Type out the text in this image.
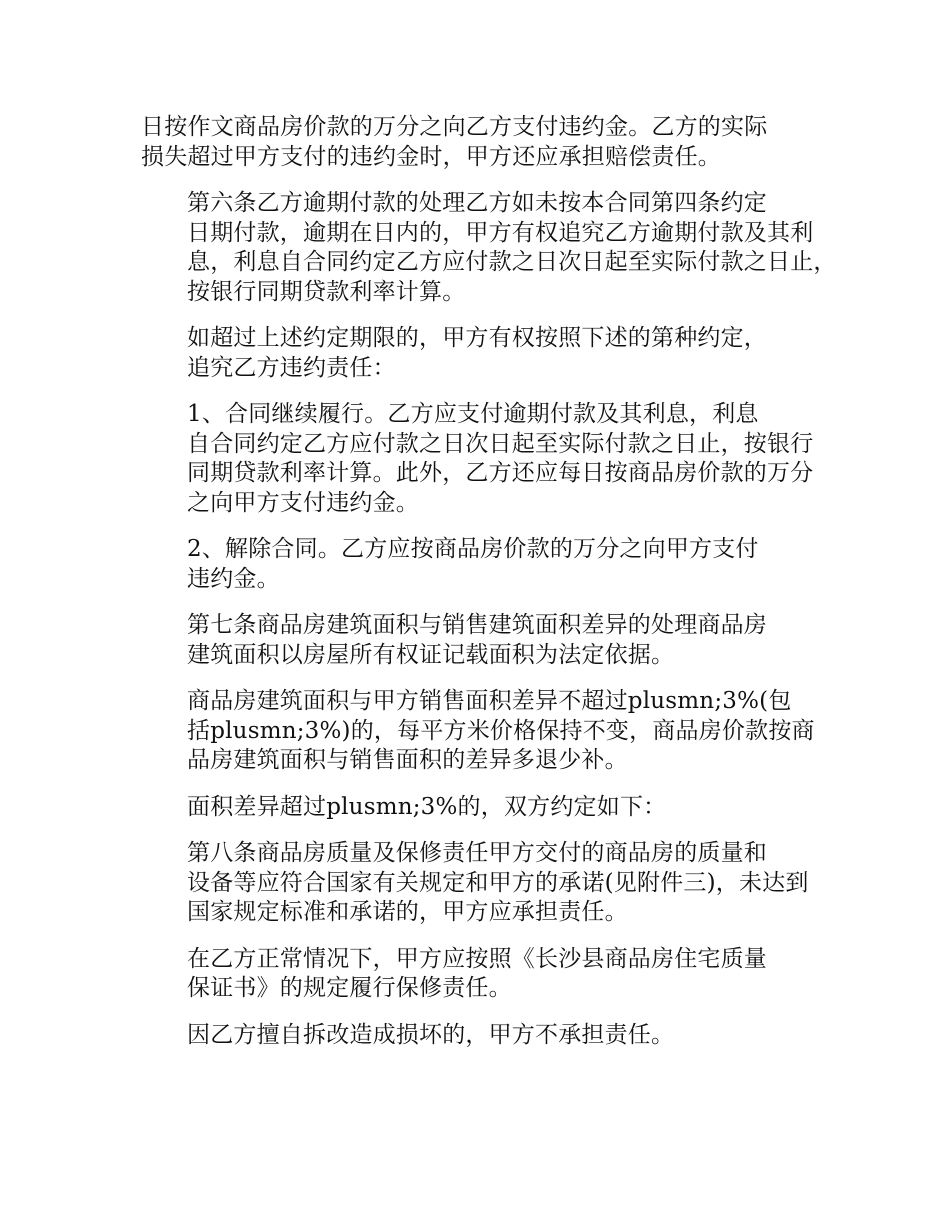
日按作文商品房价款的万分之向乙方支付违约金。乙方的实际
损失超过甲方支付的违约金时，甲方还应承担赔偿责任。

第六条乙方逾期付款的处理乙方如未按本合同第四条约定
日期付款，逾期在日内的，甲方有权追究乙方逾期付款及其利
息，利息自合同约定乙方应付款之日次日起至实际付款之日止，
按银行同期贷款利率计算。

如超过上述约定期限的，甲方有权按照下述的第种约定，
追究乙方违约责任：

1、合同继续履行。乙方应支付逾期付款及其利息，利息
自合同约定乙方应付款之日次日起至实际付款之日止，按银行
同期贷款利率计算。此外，乙方还应每日按商品房价款的万分
之向甲方支付违约金。

2、解除合同。乙方应按商品房价款的万分之向甲方支付
违约金。

第七条商品房建筑面积与销售建筑面积差异的处理商品房
建筑面积以房屋所有权证记载面积为法定依据。

商品房建筑面积与甲方销售面积差异不超过plusmn;3%(包
括plusmn;3%)的，每平方米价格保持不变，商品房价款按商
品房建筑面积与销售面积的差异多退少补。

面积差异超过plusmn;3%的，双方约定如下：

第八条商品房质量及保修责任甲方交付的商品房的质量和
设备等应符合国家有关规定和甲方的承诺(见附件三)，未达到
国家规定标准和承诺的，甲方应承担责任。

在乙方正常情况下，甲方应按照《长沙县商品房住宅质量
保证书》的规定履行保修责任。

因乙方擅自拆改造成损坏的，甲方不承担责任。
